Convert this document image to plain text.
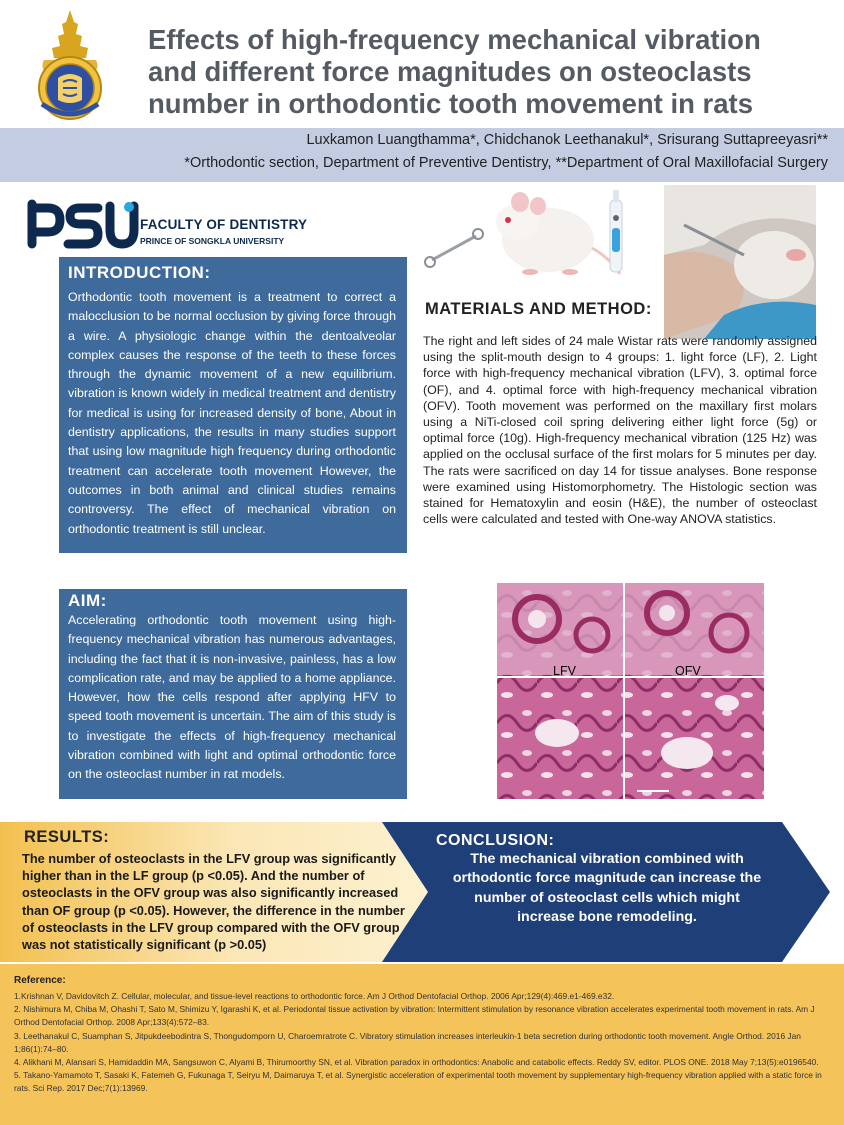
Effects of high-frequency mechanical vibration
and different force magnitudes on osteoclasts
number in orthodontic tooth movement in rats
Luxkamon Luangthamma*, Chidchanok Leethanakul*, Srisurang Suttapreeyasri**
*Orthodontic section, Department of Preventive Dentistry, **Department of Oral Maxillofacial Surgery
PSU
FACULTY OF DENTISTRY
PRINCE OF SONGKLA UNIVERSITY
INTRODUCTION:

Orthodontic tooth movement is a treatment to correct a malocclusion to be normal occlusion by giving force through a wire. A physiologic change within the dentoalveolar complex causes the response of the teeth to these forces through the dynamic movement of a new equilibrium. vibration is known widely in medical treatment and dentistry for medical is using for increased density of bone, About in dentistry applications, the results in many studies support that using low magnitude high frequency during orthodontic treatment can accelerate tooth movement However, the outcomes in both animal and clinical studies remains controversy. The effect of mechanical vibration on orthodontic treatment is still unclear.

AIM:

Accelerating orthodontic tooth movement using high-frequency mechanical vibration has numerous advantages, including the fact that it is non-invasive, painless, has a low complication rate, and may be applied to a home appliance. However, how the cells respond after applying HFV to speed tooth movement is uncertain. The aim of this study is to investigate the effects of high-frequency mechanical vibration combined with light and optimal orthodontic force on the osteoclast number in rat models.

MATERIALS AND METHOD:

The right and left sides of 24 male Wistar rats were randomly assigned using the split-mouth design to 4 groups: 1. light force (LF), 2. Light force with high-frequency mechanical vibration (LFV), 3. optimal force (OF), and 4. optimal force with high-frequency mechanical vibration (OFV). Tooth movement was performed on the maxillary first molars using a NiTi-closed coil spring delivering either light force (5g) or optimal force (10g). High-frequency mechanical vibration (125 Hz) was applied on the occlusal surface of the first molars for 5 minutes per day. The rats were sacrificed on day 14 for tissue analyses. Bone response were examined using Histomorphometry. The Histologic section was stained for Hematoxylin and eosin (H&E), the number of osteoclast cells were calculated and tested with One-way ANOVA statistics.

LFV	OFV
RESULTS:

The number of osteoclasts in the LFV group was significantly higher than in the LF group (p <0.05). And the number of osteoclasts in the OFV group was also significantly increased than OF group (p <0.05). However, the difference in the number of osteoclasts in the LFV group compared with the OFV group was not statistically significant (p >0.05)

CONCLUSION:

The mechanical vibration combined with orthodontic force magnitude can increase the number of osteoclast cells which might increase bone remodeling.

Reference:
1.Krishnan V, Davidovitch Z. Cellular, molecular, and tissue-level reactions to orthodontic force. Am J Orthod Dentofacial Orthop. 2006 Apr;129(4):469.e1-469.e32.
2. Nishimura M, Chiba M, Ohashi T, Sato M, Shimizu Y, Igarashi K, et al. Periodontal tissue activation by vibration: Intermittent stimulation by resonance vibration accelerates experimental tooth movement in rats. Am J Orthod Dentofacial Orthop. 2008 Apr;133(4):572–83.
3. Leethanakul C, Suamphan S, Jitpukdeebodintra S, Thongudomporn U, Charoemratrote C. Vibratory stimulation increases interleukin-1 beta secretion during orthodontic tooth movement. Angle Orthod. 2016 Jan 1;86(1):74–80.
4. Alikhani M, Alansari S, Hamidaddin MA, Sangsuwon C, Alyami B, Thirumoorthy SN, et al. Vibration paradox in orthodontics: Anabolic and catabolic effects. Reddy SV, editor. PLOS ONE. 2018 May 7;13(5):e0196540.
5. Takano-Yamamoto T, Sasaki K, Fatemeh G, Fukunaga T, Seiryu M, Daimaruya T, et al. Synergistic acceleration of experimental tooth movement by supplementary high-frequency vibration applied with a static force in rats. Sci Rep. 2017 Dec;7(1):13969.
